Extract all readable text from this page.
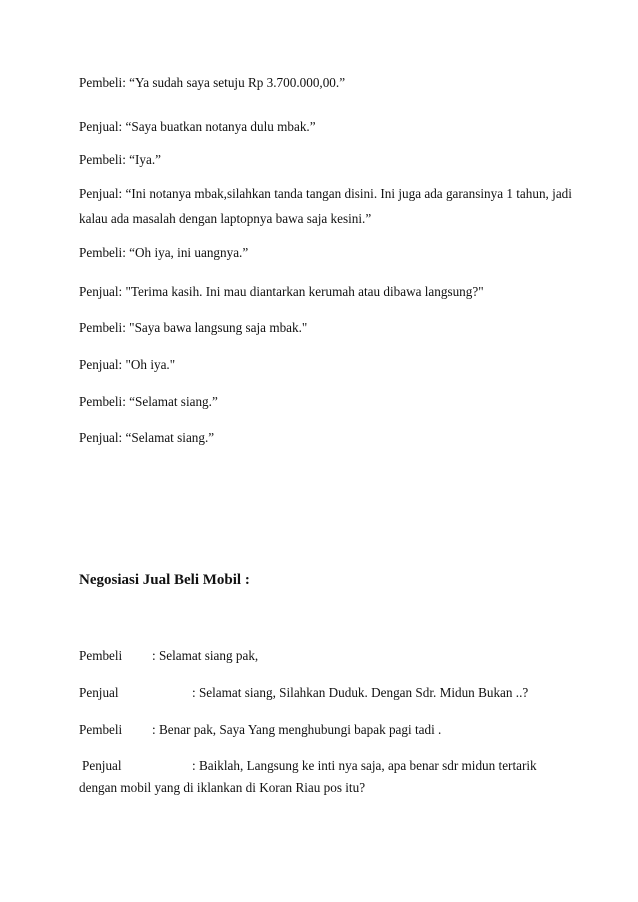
Pembeli: “Ya sudah saya setuju Rp 3.700.000,00.”
Penjual: “Saya buatkan notanya dulu mbak.”
Pembeli: “Iya.”
Penjual: “Ini notanya mbak,silahkan tanda tangan disini. Ini juga ada garansinya 1 tahun, jadi
kalau ada masalah dengan laptopnya bawa saja kesini.”
Pembeli: “Oh iya, ini uangnya.”
Penjual: "Terima kasih. Ini mau diantarkan kerumah atau dibawa langsung?"
Pembeli: "Saya bawa langsung saja mbak."
Penjual: "Oh iya."
Pembeli: “Selamat siang.”
Penjual: “Selamat siang.”
Negosiasi Jual Beli Mobil :
Pembeli : Selamat siang pak,
Penjual	: Selamat siang, Silahkan Duduk. Dengan Sdr. Midun Bukan ..?
Pembeli : Benar pak, Saya Yang menghubungi bapak pagi tadi .
Penjual	: Baiklah, Langsung ke inti nya saja, apa benar sdr midun tertarik
dengan mobil yang di iklankan di Koran Riau pos itu?
